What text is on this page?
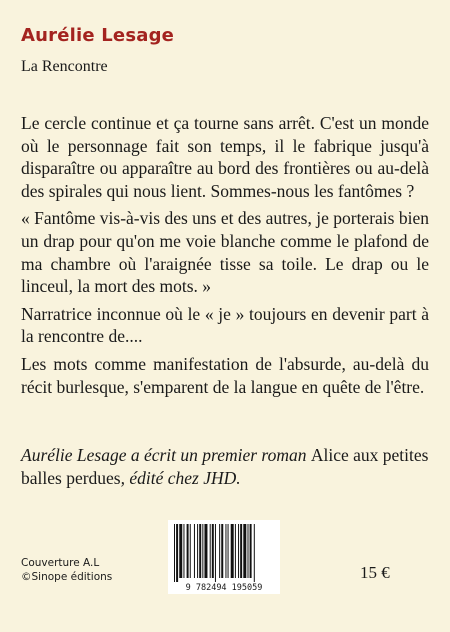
Aurélie Lesage
La Rencontre

Le cercle continue et ça tourne sans arrêt. C'est un monde où le personnage fait son temps, il le fabrique jusqu'à disparaître ou apparaître au bord des frontières ou au-delà des spirales qui nous lient. Sommes-nous les fantômes ?

« Fantôme vis-à-vis des uns et des autres, je porterais bien un drap pour qu'on me voie blanche comme le plafond de ma chambre où l'araignée tisse sa toile. Le drap ou le linceul, la mort des mots. »

Narratrice inconnue où le « je » toujours en devenir part à la rencontre de....

Les mots comme manifestation de l'absurde, au-delà du récit burlesque, s'emparent de la langue en quête de l'être.

Aurélie Lesage a écrit un premier roman Alice aux petites balles perdues, édité chez JHD.
Couverture A.L
©Sinope éditions
9 782494 195059
15 €
